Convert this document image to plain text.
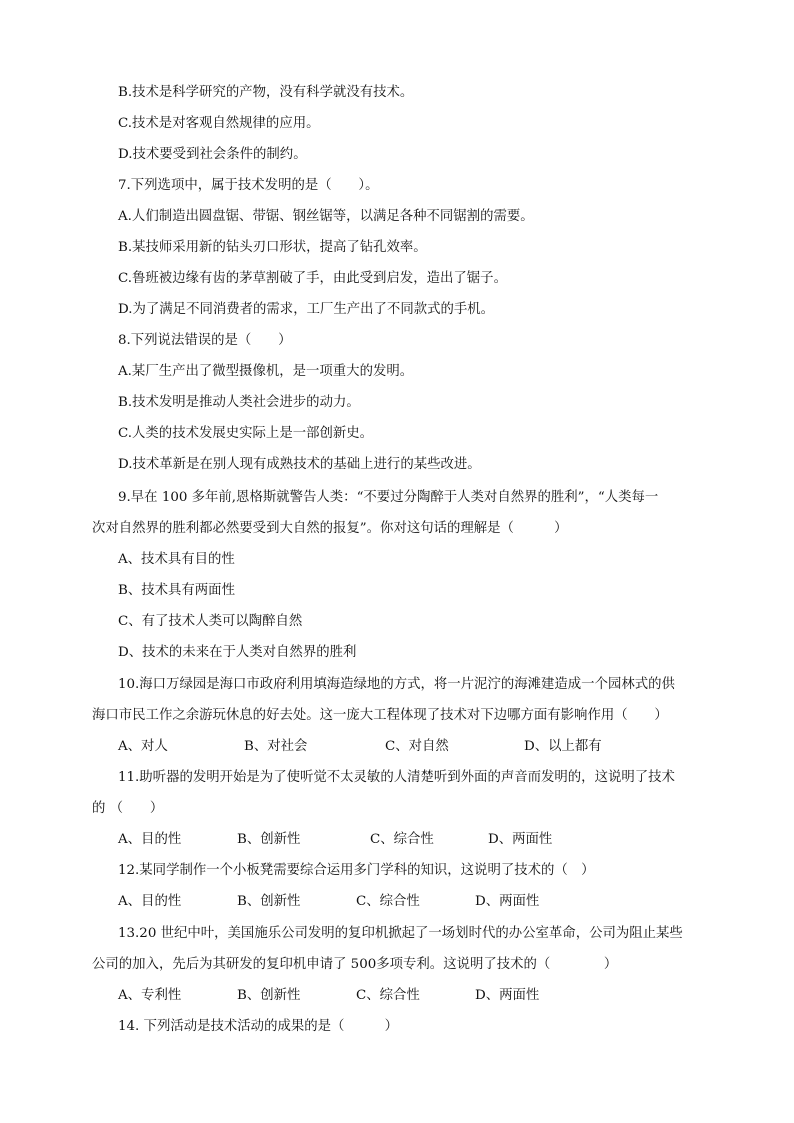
B.技术是科学研究的产物，没有科学就没有技术。
C.技术是对客观自然规律的应用。
D.技术要受到社会条件的制约。
7.下列选项中，属于技术发明的是（　　）。
A.人们制造出圆盘锯、带锯、钢丝锯等，以满足各种不同锯割的需要。
B.某技师采用新的钻头刃口形状，提高了钻孔效率。
C.鲁班被边缘有齿的茅草割破了手，由此受到启发，造出了锯子。
D.为了满足不同消费者的需求，工厂生产出了不同款式的手机。
8.下列说法错误的是（　　）
A.某厂生产出了微型摄像机，是一项重大的发明。
B.技术发明是推动人类社会进步的动力。
C.人类的技术发展史实际上是一部创新史。
D.技术革新是在别人现有成熟技术的基础上进行的某些改进。
9.早在 100 多年前,恩格斯就警告人类：“不要过分陶醉于人类对自然界的胜利”，“人类每一
次对自然界的胜利都必然要受到大自然的报复”。你对这句话的理解是（　　　）
A、技术具有目的性
B、技术具有两面性
C、有了技术人类可以陶醉自然
D、技术的未来在于人类对自然界的胜利
10.海口万绿园是海口市政府利用填海造绿地的方式，将一片泥泞的海滩建造成一个园林式的供
海口市民工作之余游玩休息的好去处。这一庞大工程体现了技术对下边哪方面有影响作用（　　）
A、对人	B、对社会	C、对自然	D、以上都有
11.助听器的发明开始是为了使听觉不太灵敏的人清楚听到外面的声音而发明的，这说明了技术
的 （　　）
A、目的性	B、创新性	C、综合性	D、两面性
12.某同学制作一个小板凳需要综合运用多门学科的知识，这说明了技术的（　）
A、目的性	B、创新性	C、综合性	D、两面性
13.20 世纪中叶，美国施乐公司发明的复印机掀起了一场划时代的办公室革命，公司为阻止某些
公司的加入，先后为其研发的复印机申请了 500多项专利。这说明了技术的（　　　　）
A、专利性	B、创新性	C、综合性	D、两面性
14. 下列活动是技术活动的成果的是（　　　）
